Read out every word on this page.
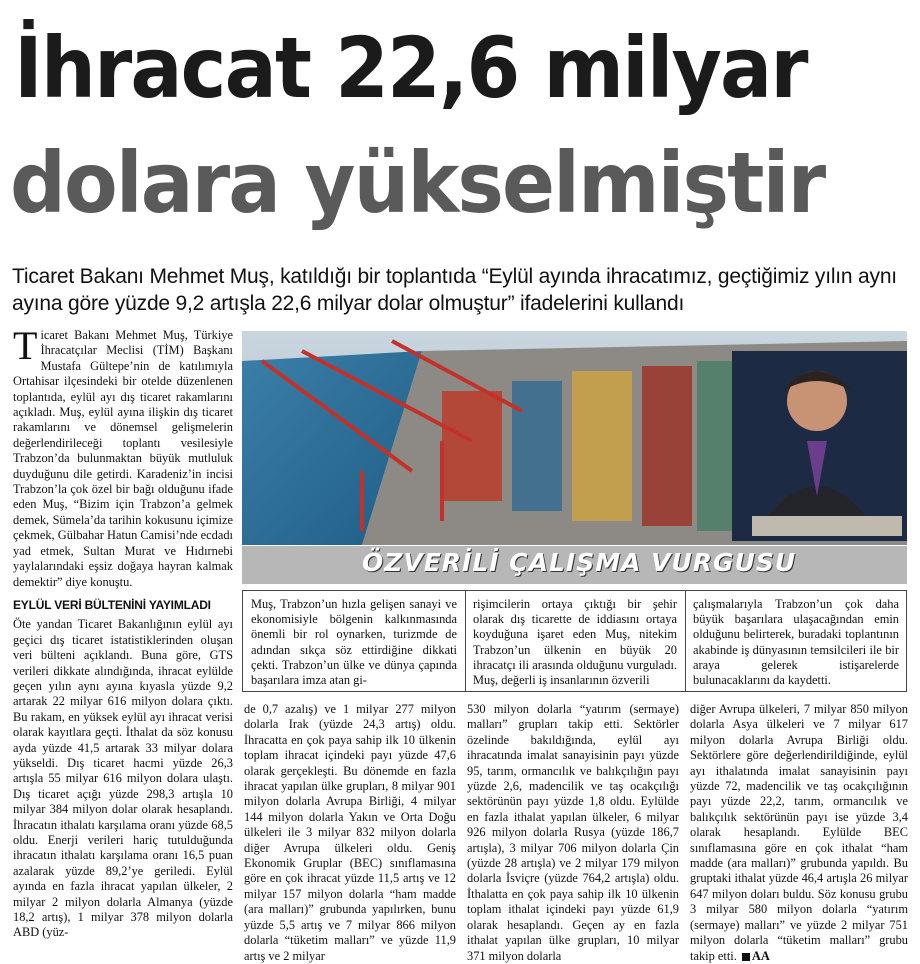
İhracat 22,6 milyar
dolara yükselmiştir
Ticaret Bakanı Mehmet Muş, katıldığı bir toplantıda “Eylül ayında ihracatımız, geçtiğimiz yılın aynı ayına göre yüzde 9,2 artışla 22,6 milyar dolar olmuştur” ifadelerini kullandı

Ticaret Bakanı Mehmet Muş, Türkiye İhracatçılar Meclisi (TİM) Başkanı Mustafa Gültepe’nin de katılımıyla Ortahisar ilçesindeki bir otelde düzenlenen toplantıda, eylül ayı dış ticaret rakamlarını açıkladı. Muş, eylül ayına ilişkin dış ticaret rakamlarını ve dönemsel gelişmelerin değerlendirileceği toplantı vesilesiyle Trabzon’da bulunmaktan büyük mutluluk duyduğunu dile getirdi. Karadeniz’in incisi Trabzon’la çok özel bir bağı olduğunu ifade eden Muş, “Bizim için Trabzon’a gelmek demek, Sümela’da tarihin kokusunu içimize çekmek, Gülbahar Hatun Camisi’nde ecdadı yad etmek, Sultan Murat ve Hıdırnebi yaylalarındaki eşsiz doğaya hayran kalmak demektir” diye konuştu.

EYLÜL VERİ BÜLTENİNİ YAYIMLADI

Öte yandan Ticaret Bakanlığının eylül ayı geçici dış ticaret istatistiklerinden oluşan veri bülteni açıklandı. Buna göre, GTS verileri dikkate alındığında, ihracat eylülde geçen yılın aynı ayına kıyasla yüzde 9,2 artarak 22 milyar 616 milyon dolara çıktı. Bu rakam, en yüksek eylül ayı ihracat verisi olarak kayıtlara geçti. İthalat da söz konusu ayda yüzde 41,5 artarak 33 milyar dolara yükseldi. Dış ticaret hacmi yüzde 26,3 artışla 55 milyar 616 milyon dolara ulaştı. Dış ticaret açığı yüzde 298,3 artışla 10 milyar 384 milyon dolar olarak hesaplandı. İhracatın ithalatı karşılama oranı yüzde 68,5 oldu. Enerji verileri hariç tutulduğunda ihracatın ithalatı karşılama oranı 16,5 puan azalarak yüzde 89,2’ye geriledi. Eylül ayında en fazla ihracat yapılan ülkeler, 2 milyar 2 milyon dolarla Almanya (yüzde 18,2 artış), 1 milyar 378 milyon dolarla ABD (yüz-

ÖZVERİLİ ÇALIŞMA VURGUSU
Muş, Trabzon’un hızla gelişen sanayi ve ekonomisiyle bölgenin kalkınmasında önemli bir rol oynarken, turizmde de adından sıkça söz ettirdiğine dikkati çekti. Trabzon’un ülke ve dünya çapında başarılara imza atan gi-
rişimcilerin ortaya çıktığı bir şehir olarak dış ticarette de iddiasını ortaya koyduğuna işaret eden Muş, nitekim Trabzon’un ülkenin en büyük 20 ihracatçı ili arasında olduğunu vurguladı. Muş, değerli iş insanlarının özverili
çalışmalarıyla Trabzon’un çok daha büyük başarılara ulaşacağından emin olduğunu belirterek, buradaki toplantının akabinde iş dünyasının temsilcileri ile bir araya gelerek istişarelerde bulunacaklarını da kaydetti.
de 0,7 azalış) ve 1 milyar 277 milyon dolarla Irak (yüzde 24,3 artış) oldu. İhracatta en çok paya sahip ilk 10 ülkenin toplam ihracat içindeki payı yüzde 47,6 olarak gerçekleşti. Bu dönemde en fazla ihracat yapılan ülke grupları, 8 milyar 901 milyon dolarla Avrupa Birliği, 4 milyar 144 milyon dolarla Yakın ve Orta Doğu ülkeleri ile 3 milyar 832 milyon dolarla diğer Avrupa ülkeleri oldu. Geniş Ekonomik Gruplar (BEC) sınıflamasına göre en çok ihracat yüzde 11,5 artış ve 12 milyar 157 milyon dolarla “ham madde (ara malları)” grubunda yapılırken, bunu yüzde 5,5 artış ve 7 milyar 866 milyon dolarla “tüketim malları” ve yüzde 11,9 artış ve 2 milyar
530 milyon dolarla “yatırım (sermaye) malları” grupları takip etti. Sektörler özelinde bakıldığında, eylül ayı ihracatında imalat sanayisinin payı yüzde 95, tarım, ormancılık ve balıkçılığın payı yüzde 2,6, madencilik ve taş ocakçılığı sektörünün payı yüzde 1,8 oldu. Eylülde en fazla ithalat yapılan ülkeler, 6 milyar 926 milyon dolarla Rusya (yüzde 186,7 artışla), 3 milyar 706 milyon dolarla Çin (yüzde 28 artışla) ve 2 milyar 179 milyon dolarla İsviçre (yüzde 764,2 artışla) oldu. İthalatta en çok paya sahip ilk 10 ülkenin toplam ithalat içindeki payı yüzde 61,9 olarak hesaplandı. Geçen ay en fazla ithalat yapılan ülke grupları, 10 milyar 371 milyon dolarla
diğer Avrupa ülkeleri, 7 milyar 850 milyon dolarla Asya ülkeleri ve 7 milyar 617 milyon dolarla Avrupa Birliği oldu. Sektörlere göre değerlendirildiğinde, eylül ayı ithalatında imalat sanayisinin payı yüzde 72, madencilik ve taş ocakçılığının payı yüzde 22,2, tarım, ormancılık ve balıkçılık sektörünün payı ise yüzde 3,4 olarak hesaplandı. Eylülde BEC sınıflamasına göre en çok ithalat “ham madde (ara malları)” grubunda yapıldı. Bu gruptaki ithalat yüzde 46,4 artışla 26 milyar 647 milyon doları buldu. Söz konusu grubu 3 milyar 580 milyon dolarla “yatırım (sermaye) malları” ve yüzde 2 milyar 751 milyon dolarla “tüketim malları” grubu takip etti. AA
